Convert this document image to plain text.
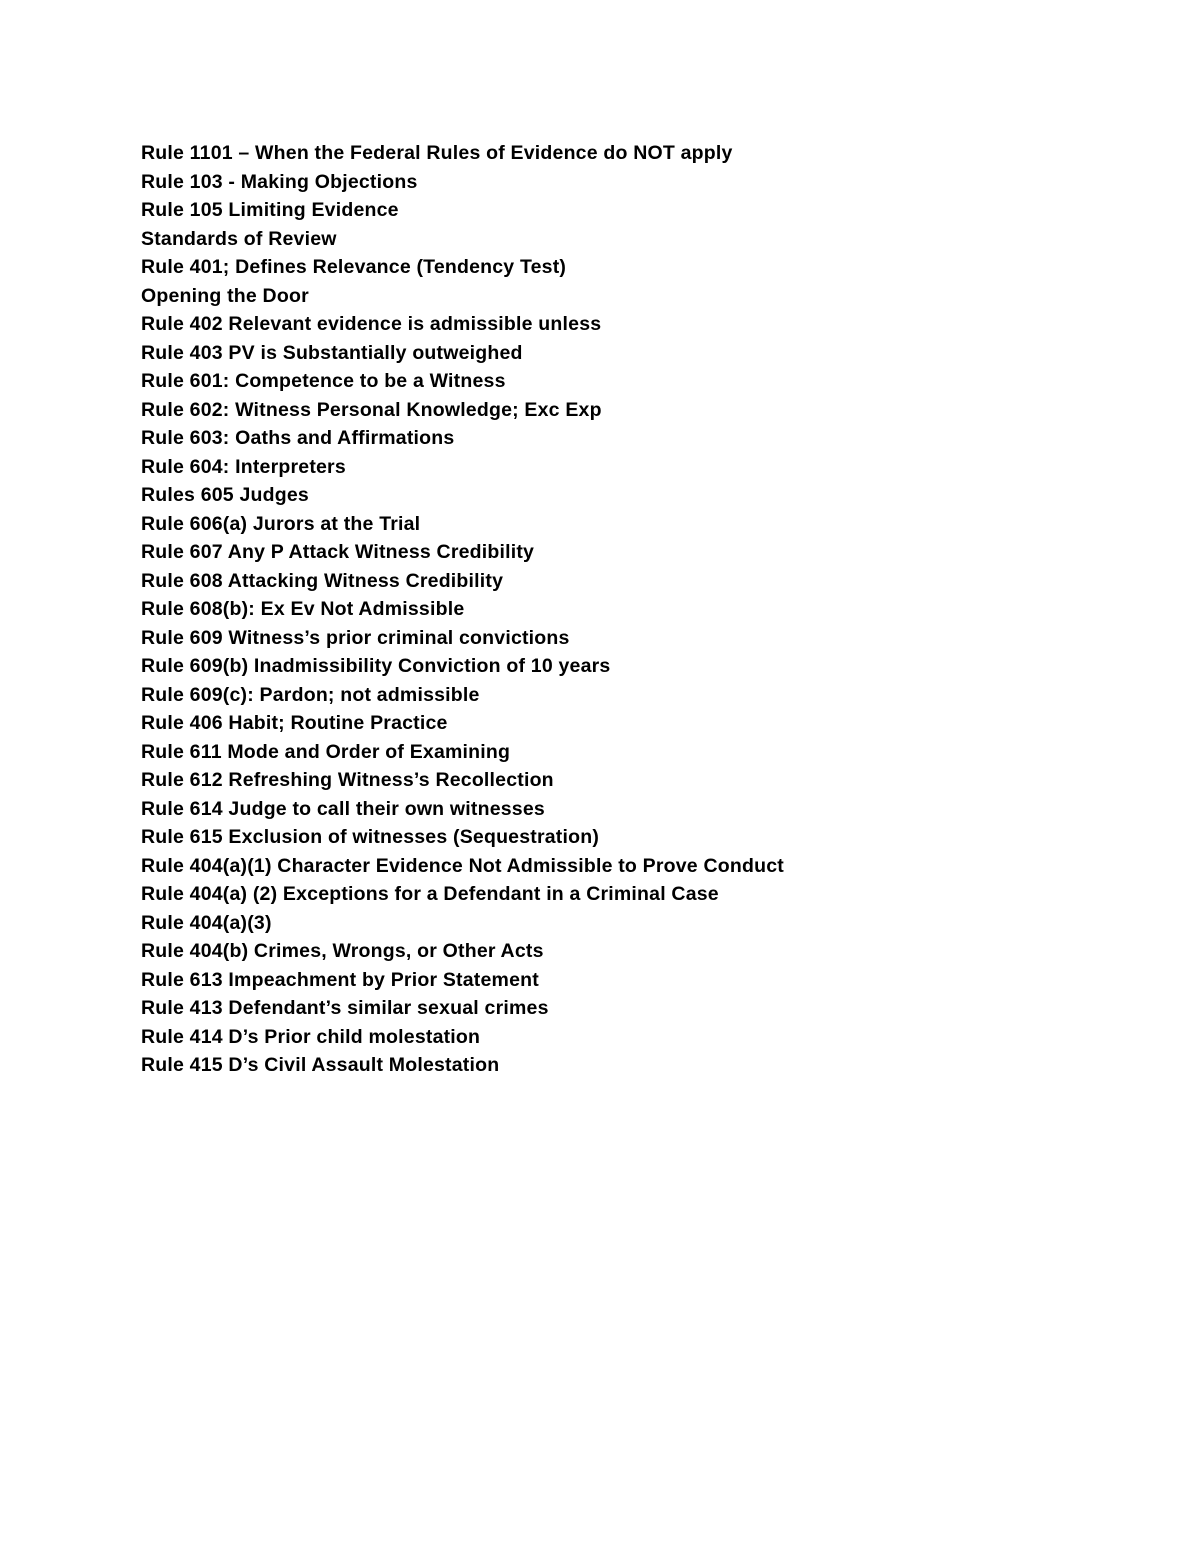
Rule 1101 – When the Federal Rules of Evidence do NOT apply
Rule 103 - Making Objections
Rule 105 Limiting Evidence
Standards of Review
Rule 401; Defines Relevance (Tendency Test)
Opening the Door
Rule 402 Relevant evidence is admissible unless
Rule 403 PV is Substantially outweighed
Rule 601: Competence to be a Witness
Rule 602: Witness Personal Knowledge; Exc Exp
Rule 603: Oaths and Affirmations
Rule 604: Interpreters
Rules 605 Judges
Rule 606(a) Jurors at the Trial
Rule 607 Any P Attack Witness Credibility
Rule 608 Attacking Witness Credibility
Rule 608(b): Ex Ev Not Admissible
Rule 609 Witness’s prior criminal convictions
Rule 609(b) Inadmissibility Conviction of 10 years
Rule 609(c): Pardon; not admissible
Rule 406 Habit; Routine Practice
Rule 611 Mode and Order of Examining
Rule 612 Refreshing Witness’s Recollection
Rule 614 Judge to call their own witnesses
Rule 615 Exclusion of witnesses (Sequestration)
Rule 404(a)(1) Character Evidence Not Admissible to Prove Conduct
Rule 404(a) (2) Exceptions for a Defendant in a Criminal Case
Rule 404(a)(3)
Rule 404(b) Crimes, Wrongs, or Other Acts
Rule 613 Impeachment by Prior Statement
Rule 413 Defendant’s similar sexual crimes
Rule 414 D’s Prior child molestation
Rule 415 D’s Civil Assault Molestation
